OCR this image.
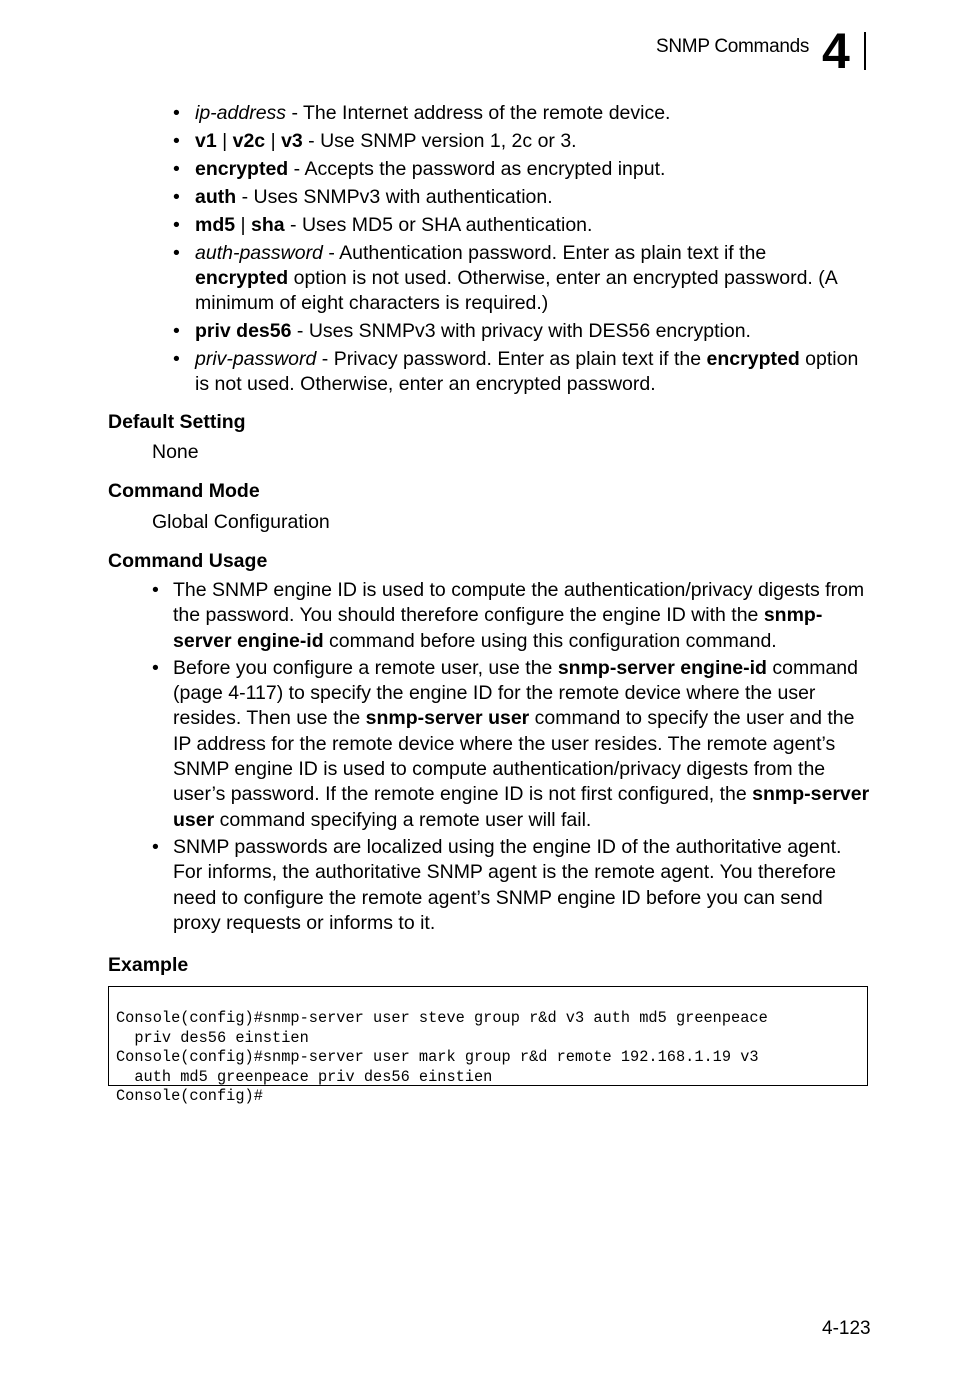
SNMP Commands 4
• ip-address - The Internet address of the remote device.
• v1 | v2c | v3 - Use SNMP version 1, 2c or 3.
• encrypted - Accepts the password as encrypted input.
• auth - Uses SNMPv3 with authentication.
• md5 | sha - Uses MD5 or SHA authentication.
• auth-password - Authentication password. Enter as plain text if the encrypted option is not used. Otherwise, enter an encrypted password. (A minimum of eight characters is required.)
• priv des56 - Uses SNMPv3 with privacy with DES56 encryption.
• priv-password - Privacy password. Enter as plain text if the encrypted option is not used. Otherwise, enter an encrypted password.
Default Setting
None
Command Mode
Global Configuration
Command Usage
• The SNMP engine ID is used to compute the authentication/privacy digests from the password. You should therefore configure the engine ID with the snmp-server engine-id command before using this configuration command.
• Before you configure a remote user, use the snmp-server engine-id command (page 4-117) to specify the engine ID for the remote device where the user resides. Then use the snmp-server user command to specify the user and the IP address for the remote device where the user resides. The remote agent’s SNMP engine ID is used to compute authentication/privacy digests from the user’s password. If the remote engine ID is not first configured, the snmp-server user command specifying a remote user will fail.
• SNMP passwords are localized using the engine ID of the authoritative agent. For informs, the authoritative SNMP agent is the remote agent. You therefore need to configure the remote agent’s SNMP engine ID before you can send proxy requests or informs to it.
Example

Console(config)#snmp-server user steve group r&d v3 auth md5 greenpeace
priv des56 einstien
Console(config)#snmp-server user mark group r&d remote 192.168.1.19 v3
auth md5 greenpeace priv des56 einstien
Console(config)#

4-123
